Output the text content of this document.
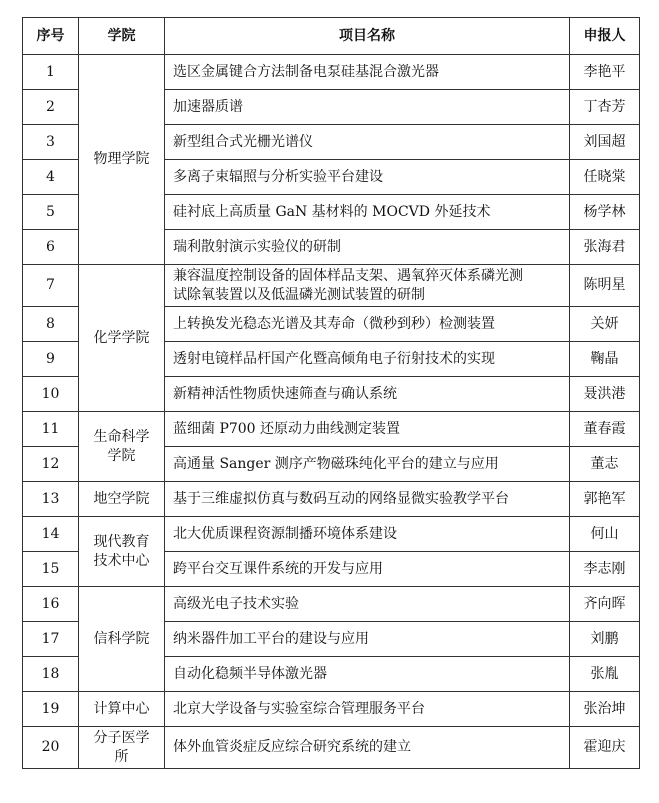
序号	学院	项目名称	申报人
1	物理学院	选区金属键合方法制备电泵硅基混合激光器	李艳平
2		加速器质谱	丁杏芳
3		新型组合式光栅光谱仪	刘国超
4		多离子束辐照与分析实验平台建设	任晓棠
5		硅衬底上高质量 GaN 基材料的 MOCVD 外延技术	杨学林
6		瑞利散射演示实验仪的研制	张海君
7	化学学院	兼容温度控制设备的固体样品支架、遇氧猝灭体系磷光测
试除氧装置以及低温磷光测试装置的研制	陈明星
8		上转换发光稳态光谱及其寿命（微秒到秒）检测装置	关妍
9		透射电镜样品杆国产化暨高倾角电子衍射技术的实现	鞠晶
10		新精神活性物质快速筛查与确认系统	聂洪港
11	生命科学
学院	蓝细菌 P700 还原动力曲线测定装置	董春霞
12		高通量 Sanger 测序产物磁珠纯化平台的建立与应用	董志
13	地空学院	基于三维虚拟仿真与数码互动的网络显微实验教学平台	郭艳军
14	现代教育
技术中心	北大优质课程资源制播环境体系建设	何山
15		跨平台交互课件系统的开发与应用	李志刚
16	信科学院	高级光电子技术实验	齐向晖
17		纳米器件加工平台的建设与应用	刘鹏
18		自动化稳频半导体激光器	张胤
19	计算中心	北京大学设备与实验室综合管理服务平台	张治坤
20	分子医学
所	体外血管炎症反应综合研究系统的建立	霍迎庆
